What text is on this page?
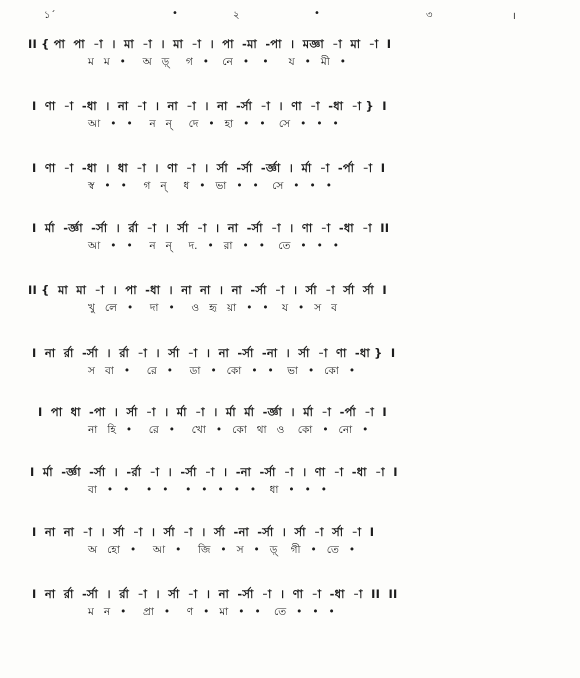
১´	•	২	•	৩	।
II { পা  পা  -া  ।  মা  -া  ।  মা  -া  ।  পা  -মা  -পা  ।  মজ্ঞা  -া  মা  -া  I
ম   ম   •     অ   ড়্     গ   •    নে   •    •      য   •   মী   •
I  ণা  -া  -ধা  ।  না  -া  ।  না  -া  ।  না  -র্সা  -া  ।  ণা  -া  -ধা  -া }  I
আ   •   •     ন   ন্     দে   •   হা   •   •    সে   •   •   •
I  ণা  -া  -ধা  ।  ধা  -া  ।  ণা  -া  ।  র্সা  -র্সা  -র্জ্ঞা  ।  র্মা  -া  -র্পা  -া  I
স্ব   •   •     গ   ন্     ধ   •   ভা   •   •    সে   •   •   •
I  র্মা  -র্জ্ঞা  -র্সা  ।  র্রা  -া  ।  র্সা  -া  ।  না  -র্সা  -া  ।  ণা  -া  -ধা  -া  II
আ   •   •     ন   ন্     দ.   •   রা   •   •    তে   •   •   •
II {  মা  মা  -া  ।  পা  -ধা  ।  না  না  ।  না  -র্সা  -া  ।  র্সা  -া  র্সা  র্সা  I
খু   লে   •     দা   •     ও   হৃ   য়া   •   •    য   •   স   ব
I  না  র্রা  -র্সা  ।  র্রা  -া  ।  র্সা  -া  ।  না  -র্সা  -না  ।  র্সা  -া  ণা  -ধা }  I
স   বা   •     রে   •     ডা   •   কো   •   •    ভা   •   কো   •
I  পা  ধা  -পা  ।  র্সা  -া  ।  র্মা  -া  ।  র্মা  র্মা  -র্জ্ঞা  ।  র্মা  -া  -র্পা  -া  I
না   হি   •     রে   •     খো   •   কো   থা   ও    কো   •   নো   •
I  র্মা  -র্জ্ঞা  -র্সা  ।  -র্রা  -া  ।  -র্সা  -া  ।  -না  -র্সা  -া  ।  ণা  -া  -ধা  -া  I
বা   •   •     •   •     •   •   •   •   •    ধা   •   •   •
I  না  না  -া  ।  র্সা  -া  ।  র্সা  -া  ।  র্সা  -না  -র্সা  ।  র্সা  -া  র্সা  -া  I
অ   হো   •     আ   •     জি   •   স   •   ড়্    গী   •   তে   •
I  না  র্রা  -র্সা  ।  র্রা  -া  ।  র্সা  -া  ।  না  -র্সা  -া  ।  ণা  -া  -ধা  -া  II  II
ম   ন   •     প্রা   •     ণ   •   মা   •   •    তে   •   •   •
